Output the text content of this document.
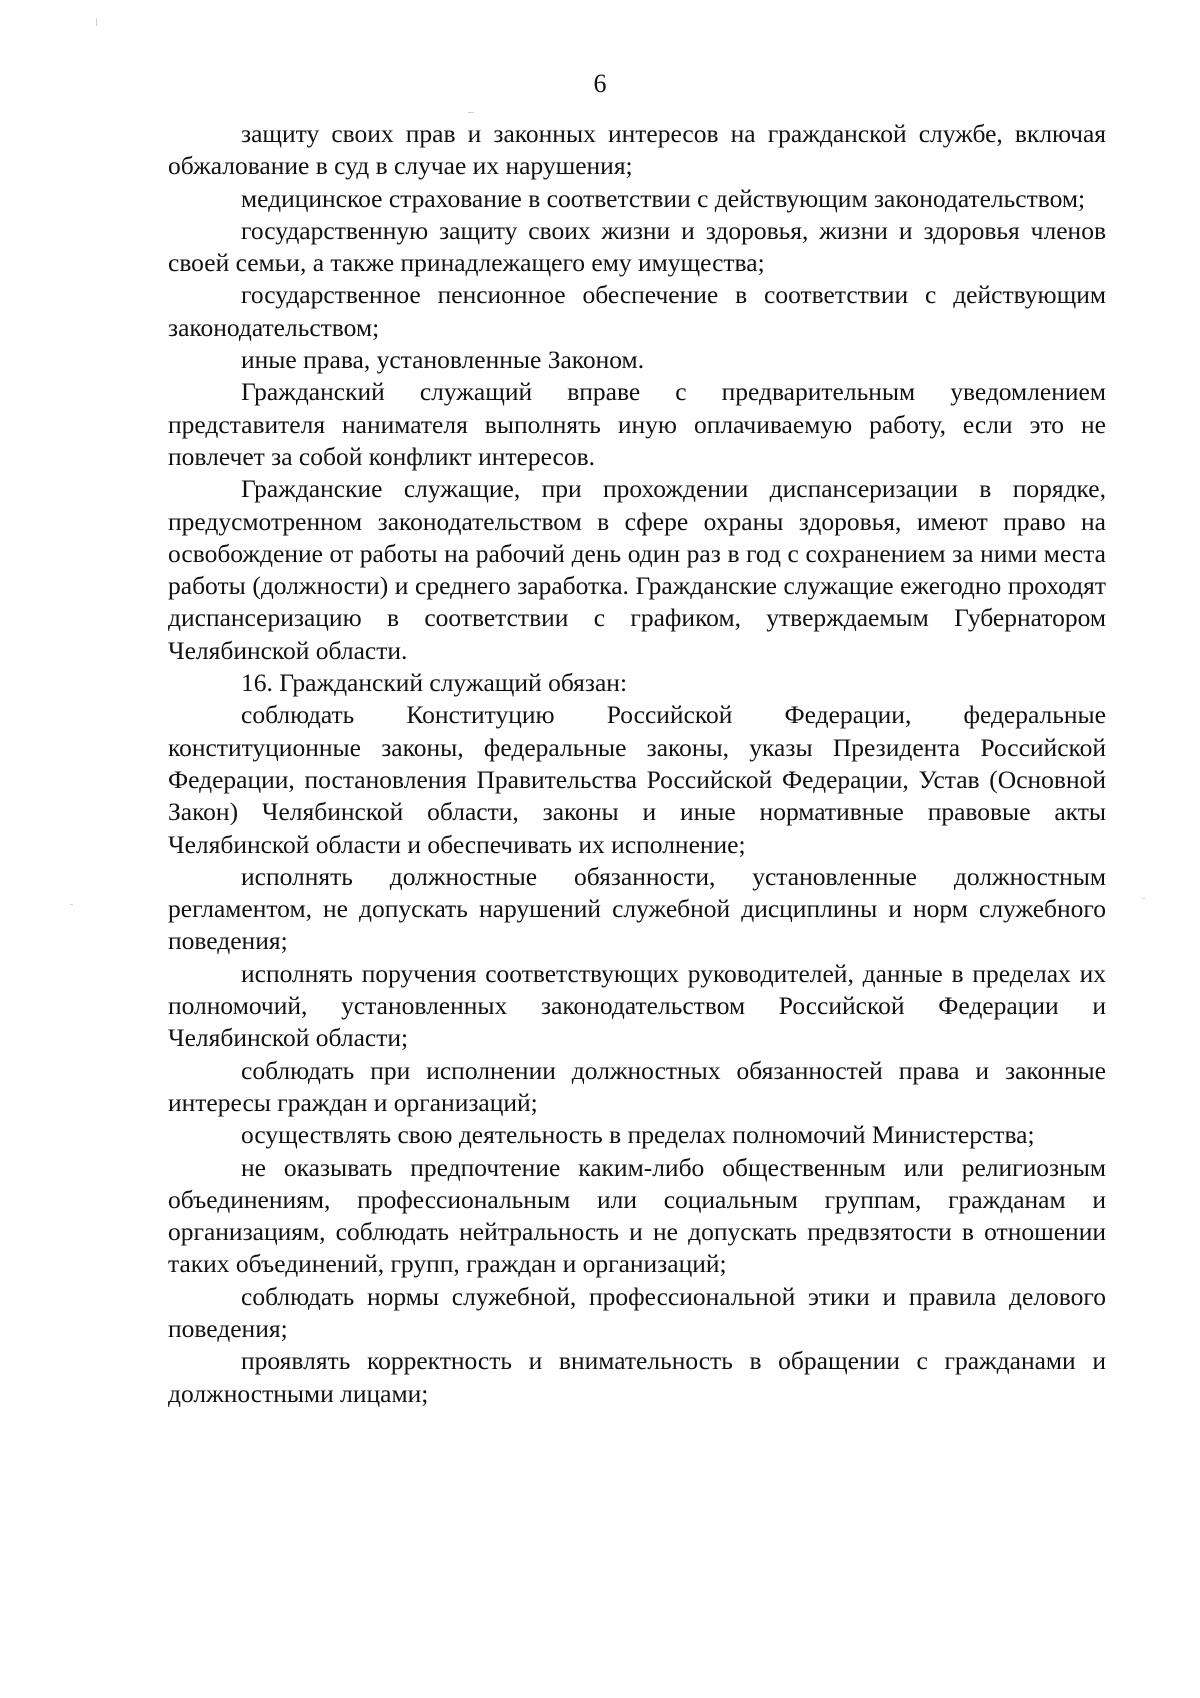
6

защиту своих прав и законных интересов на гражданской службе, включая обжалование в суд в случае их нарушения;

медицинское страхование в соответствии с действующим законодательством;

государственную защиту своих жизни и здоровья, жизни и здоровья членов своей семьи, а также принадлежащего ему имущества;

государственное пенсионное обеспечение в соответствии с действующим законодательством;

иные права, установленные Законом.

Гражданский служащий вправе с предварительным уведомлением представителя нанимателя выполнять иную оплачиваемую работу, если это не повлечет за собой конфликт интересов.

Гражданские служащие, при прохождении диспансеризации в порядке, предусмотренном законодательством в сфере охраны здоровья, имеют право на освобождение от работы на рабочий день один раз в год с сохранением за ними места работы (должности) и среднего заработка. Гражданские служащие ежегодно проходят диспансеризацию в соответствии с графиком, утверждаемым Губернатором Челябинской области.

16. Гражданский служащий обязан:

соблюдать Конституцию Российской Федерации, федеральные конституционные законы, федеральные законы, указы Президента Российской Федерации, постановления Правительства Российской Федерации, Устав (Основной Закон) Челябинской области, законы и иные нормативные правовые акты Челябинской области и обеспечивать их исполнение;

исполнять должностные обязанности, установленные должностным регламентом, не допускать нарушений служебной дисциплины и норм служебного поведения;

исполнять поручения соответствующих руководителей, данные в пределах их полномочий, установленных законодательством Российской Федерации и Челябинской области;

соблюдать при исполнении должностных обязанностей права и законные интересы граждан и организаций;

осуществлять свою деятельность в пределах полномочий Министерства;

не оказывать предпочтение каким-либо общественным или религиозным объединениям, профессиональным или социальным группам, гражданам и организациям, соблюдать нейтральность и не допускать предвзятости в отношении таких объединений, групп, граждан и организаций;

соблюдать нормы служебной, профессиональной этики и правила делового поведения;

проявлять корректность и внимательность в обращении с гражданами и должностными лицами;
